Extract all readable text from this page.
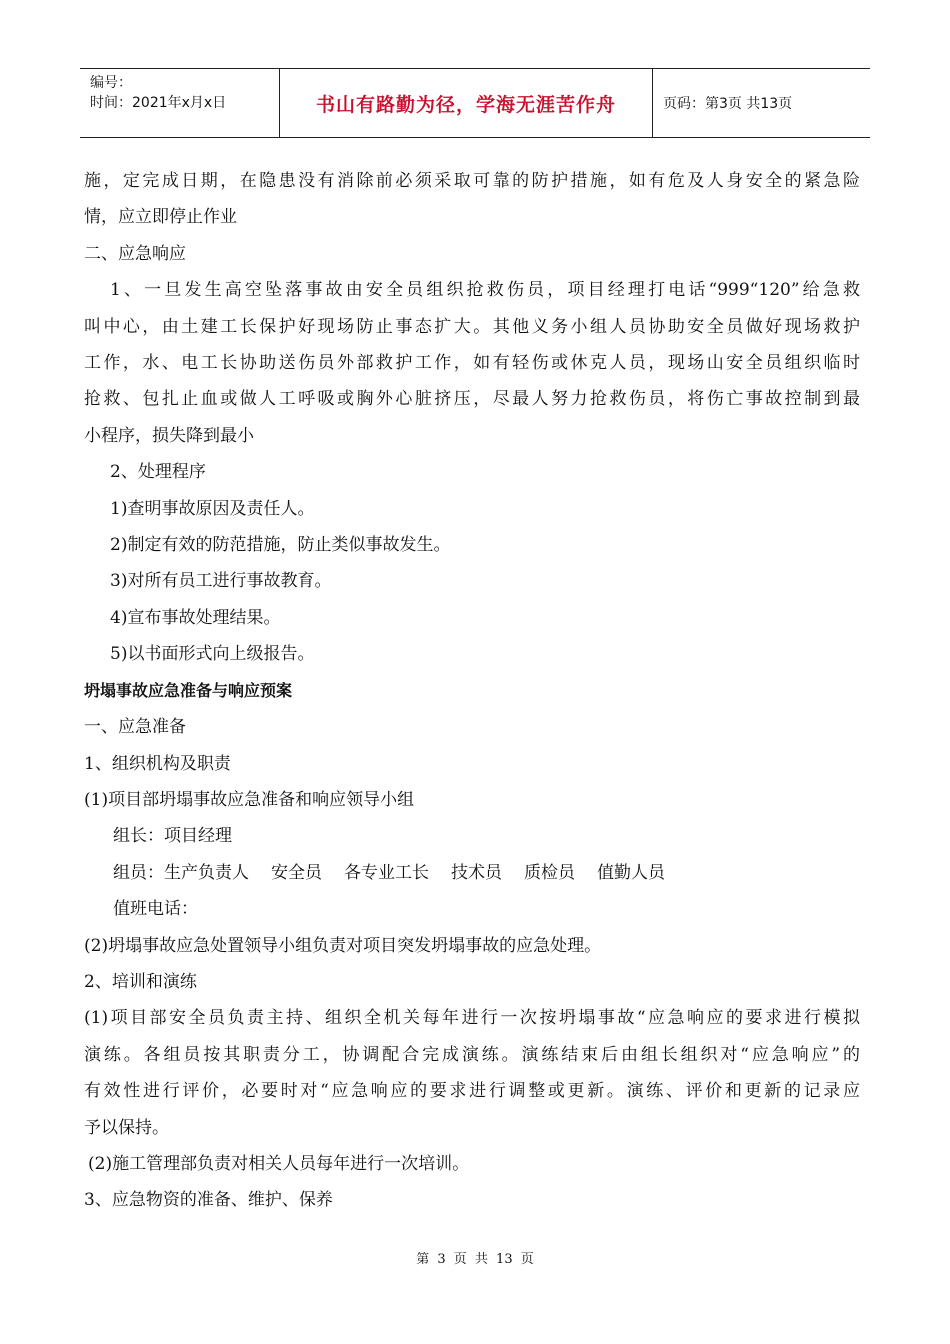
编号：
时间：2021年x月x日	书山有路勤为径，学海无涯苦作舟	页码：第3页 共13页

施，定完成日期，在隐患没有消除前必须采取可靠的防护措施，如有危及人身安全的紧急险

情，应立即停止作业

二、应急响应

1、一旦发生高空坠落事故由安全员组织抢救伤员，项目经理打电话“999“120”给急救

叫中心，由土建工长保护好现场防止事态扩大。其他义务小组人员协助安全员做好现场救护

工作，水、电工长协助送伤员外部救护工作，如有轻伤或休克人员，现场山安全员组织临时

抢救、包扎止血或做人工呼吸或胸外心脏挤压，尽最人努力抢救伤员，将伤亡事故控制到最

小程序，损失降到最小

2、处理程序

1)查明事故原因及责任人。

2)制定有效的防范措施，防止类似事故发生。

3)对所有员工进行事故教育。

4)宣布事故处理结果。

5)以书面形式向上级报告。

坍塌事故应急准备与响应预案

一、应急准备

1、组织机构及职责

(1)项目部坍塌事故应急准备和响应领导小组

组长：项目经理

组员：生产负责人 安全员 各专业工长 技术员 质检员 值勤人员

值班电话：

(2)坍塌事故应急处置领导小组负责对项目突发坍塌事故的应急处理。

2、培训和演练

(1)项目部安全员负责主持、组织全机关每年进行一次按坍塌事故“应急响应的要求进行模拟

演练。各组员按其职责分工，协调配合完成演练。演练结束后由组长组织对“应急响应”的

有效性进行评价，必要时对“应急响应的要求进行调整或更新。演练、评价和更新的记录应

予以保持。

(2)施工管理部负责对相关人员每年进行一次培训。

3、应急物资的准备、维护、保养

第 3 页 共 13 页
